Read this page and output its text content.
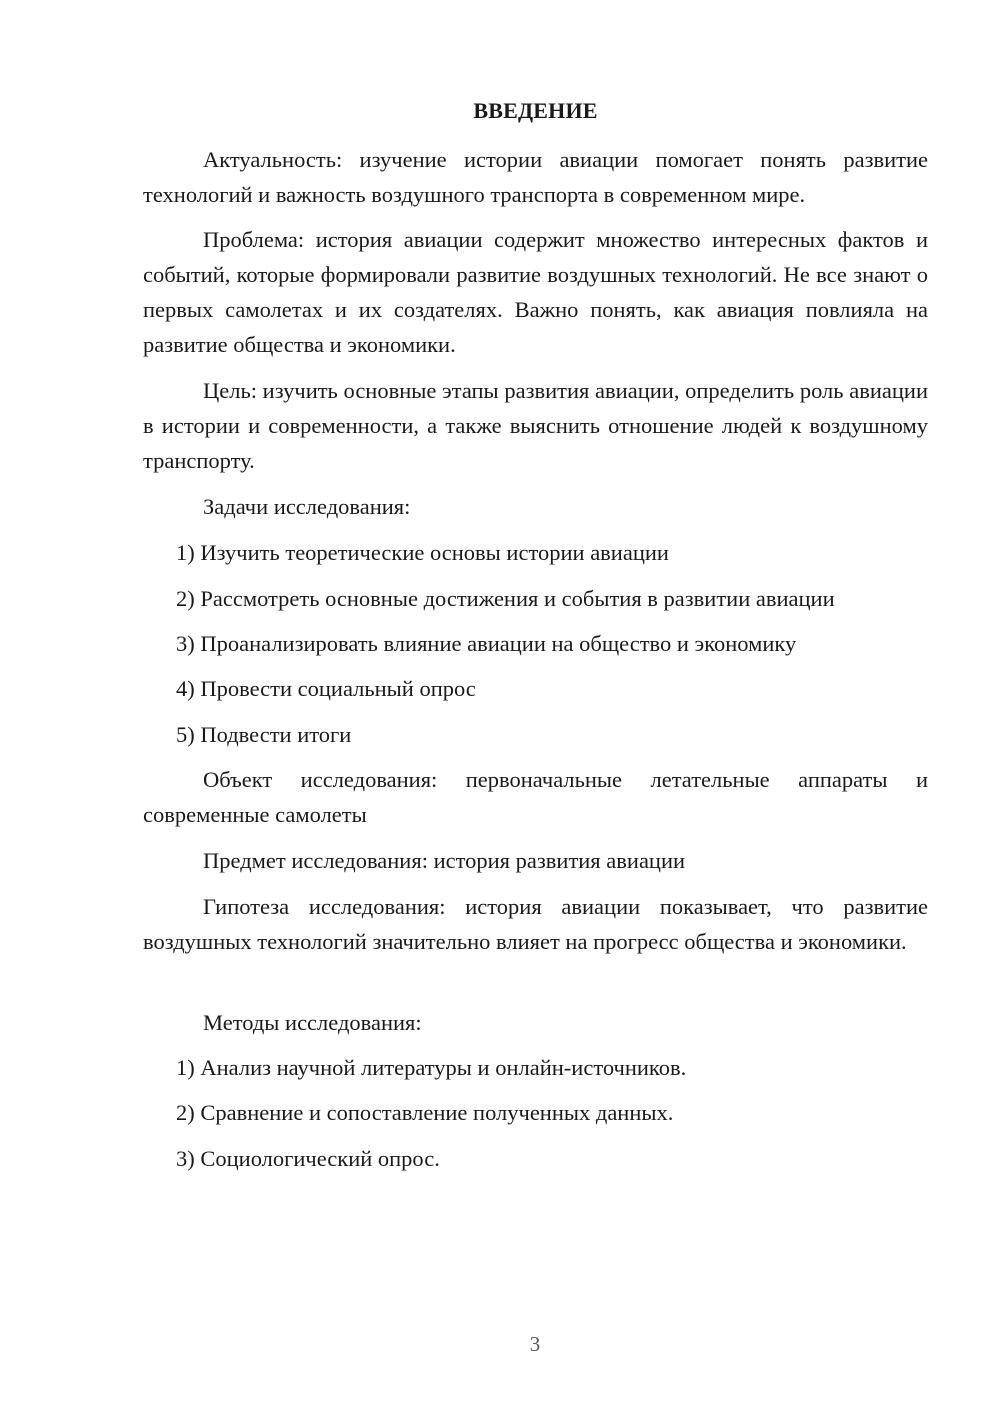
ВВЕДЕНИЕ

Актуальность: изучение истории авиации помогает понять развитие технологий и важность воздушного транспорта в современном мире.

Проблема: история авиации содержит множество интересных фактов и событий, которые формировали развитие воздушных технологий. Не все знают о первых самолетах и их создателях. Важно понять, как авиация повлияла на развитие общества и экономики.

Цель: изучить основные этапы развития авиации, определить роль авиации в истории и современности, а также выяснить отношение людей к воздушному транспорту.

Задачи исследования:

1) Изучить теоретические основы истории авиации
2) Рассмотреть основные достижения и события в развитии авиации
3) Проанализировать влияние авиации на общество и экономику
4) Провести социальный опрос
5) Подвести итоги

Объект исследования: первоначальные летательные аппараты и современные самолеты

Предмет исследования: история развития авиации

Гипотеза исследования: история авиации показывает, что развитие воздушных технологий значительно влияет на прогресс общества и экономики.

Методы исследования:

1) Анализ научной литературы и онлайн-источников.
2) Сравнение и сопоставление полученных данных.
3) Социологический опрос.
3
